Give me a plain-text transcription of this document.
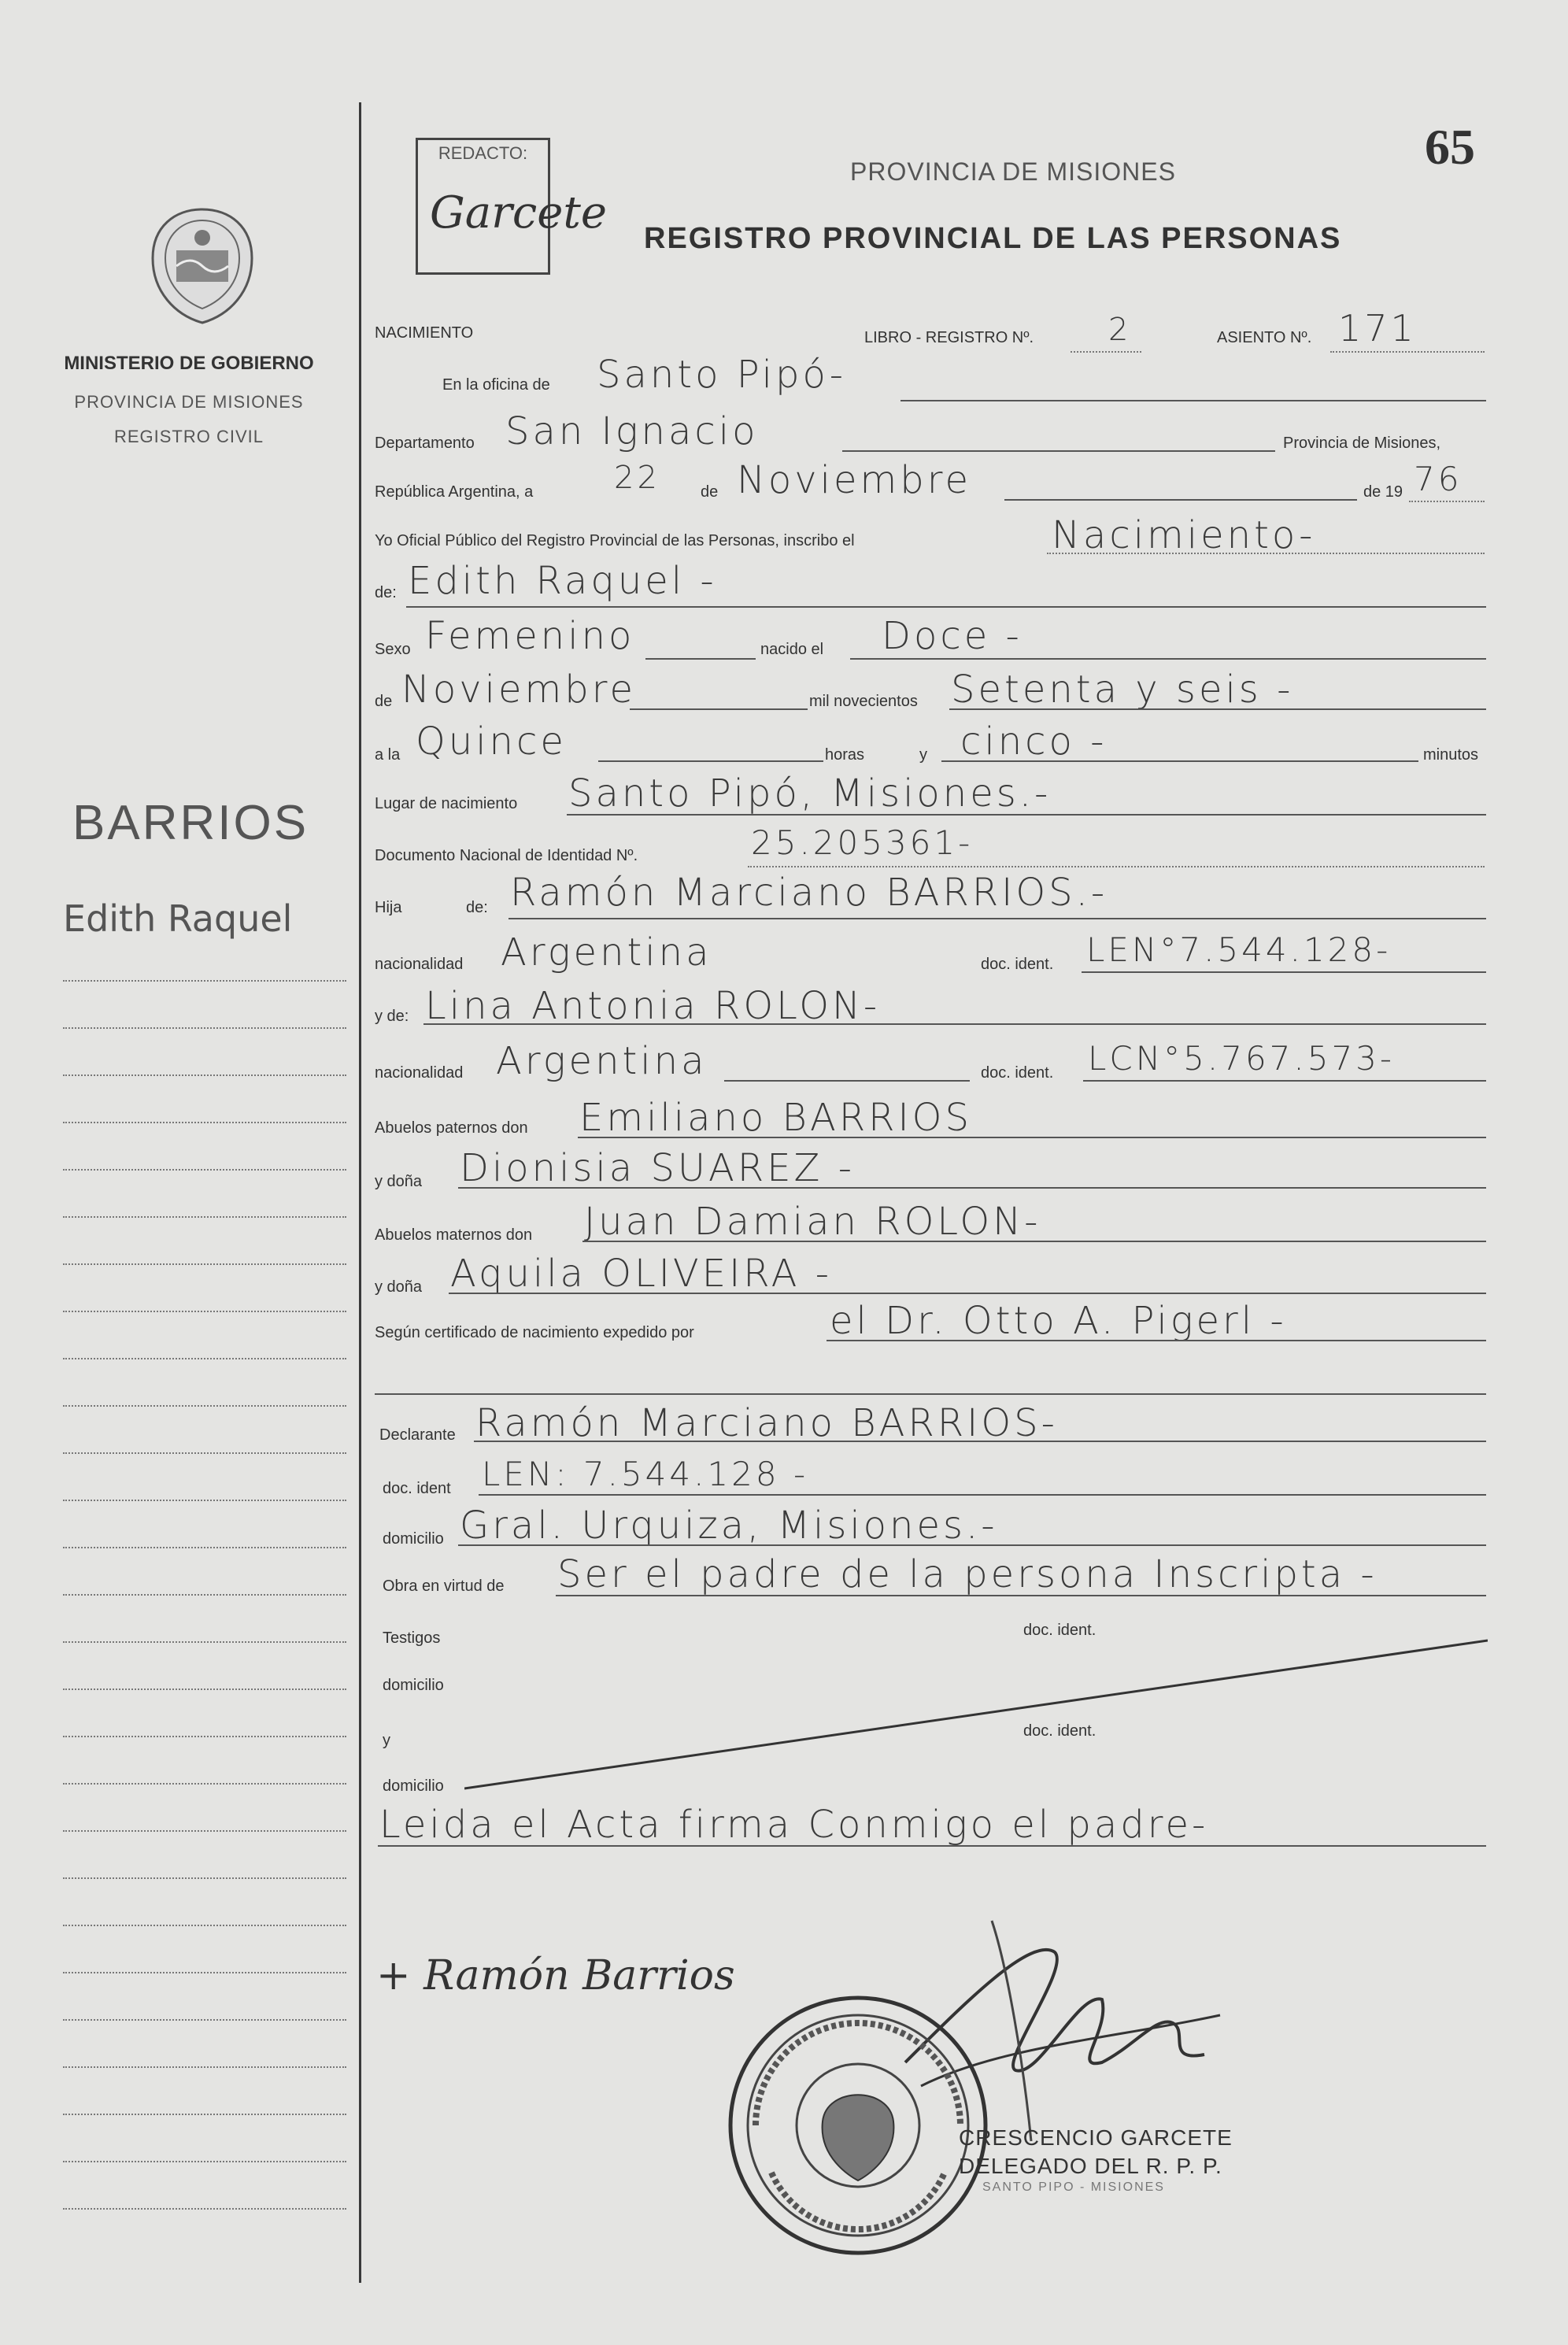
65
REDACTO:
Garcete
PROVINCIA DE MISIONES
REGISTRO PROVINCIAL DE LAS PERSONAS
MINISTERIO DE GOBIERNO
PROVINCIA DE MISIONES
REGISTRO CIVIL
BARRIOS
Edith Raquel
NACIMIENTO	LIBRO - REGISTRO Nº. 2	ASIENTO Nº. 171
En la oficina de Santo Pipó-
Departamento San Ignacio	Provincia de Misiones,
República Argentina, a	22	de Noviembre	de 19 76
Yo Oficial Público del Registro Provincial de las Personas, inscribo el	Nacimiento-
de: Edith Raquel -
Sexo Femenino	nacido el Doce -
de Noviembre	mil novecientos Setenta y seis -
a la Quince	horas	y cinco -	minutos
Lugar de nacimiento Santo Pipó, Misiones.-
Documento Nacional de Identidad Nº.	25.205361-
Hija	de: Ramón Marciano BARRIOS.-
nacionalidad Argentina	doc. ident. LEN°7.544.128-
y de: Lina Antonia ROLON-
nacionalidad Argentina	doc. ident. LCN°5.767.573-
Abuelos paternos don Emiliano BARRIOS
y doña Dionisia SUAREZ -
Abuelos maternos don Juan Damian ROLON-
y doña Aquila OLIVEIRA -
Según certificado de nacimiento expedido por	el Dr. Otto A. Pigerl -
Declarante Ramón Marciano BARRIOS-
doc. ident LEN: 7.544.128 -
domicilio Gral. Urquiza, Misiones.-
Obra en virtud de Ser el padre de la persona Inscripta -
Testigos	doc. ident.
domicilio
y
doc. ident.
domicilio
Leida el Acta firma Conmigo el padre-
+ Ramón Barrios
CRESCENCIO GARCETE
DELEGADO DEL R. P. P.
SANTO PIPO - MISIONES
